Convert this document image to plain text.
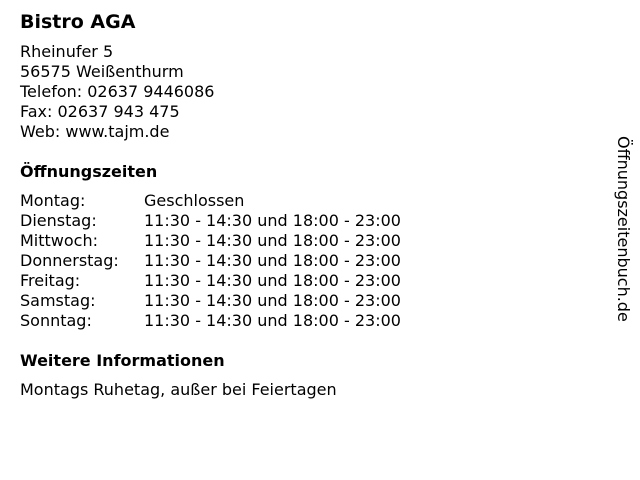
Bistro AGA
Rheinufer 5
56575 Weißenthurm
Telefon: 02637 9446086
Fax: 02637 943 475
Web: www.tajm.de
Öffnungszeiten
Montag:	Geschlossen
Dienstag:	11:30 - 14:30 und 18:00 - 23:00
Mittwoch:	11:30 - 14:30 und 18:00 - 23:00
Donnerstag:	11:30 - 14:30 und 18:00 - 23:00
Freitag:	11:30 - 14:30 und 18:00 - 23:00
Samstag:	11:30 - 14:30 und 18:00 - 23:00
Sonntag:	11:30 - 14:30 und 18:00 - 23:00
Weitere Informationen
Montags Ruhetag, außer bei Feiertagen
Öffnungszeitenbuch.de
